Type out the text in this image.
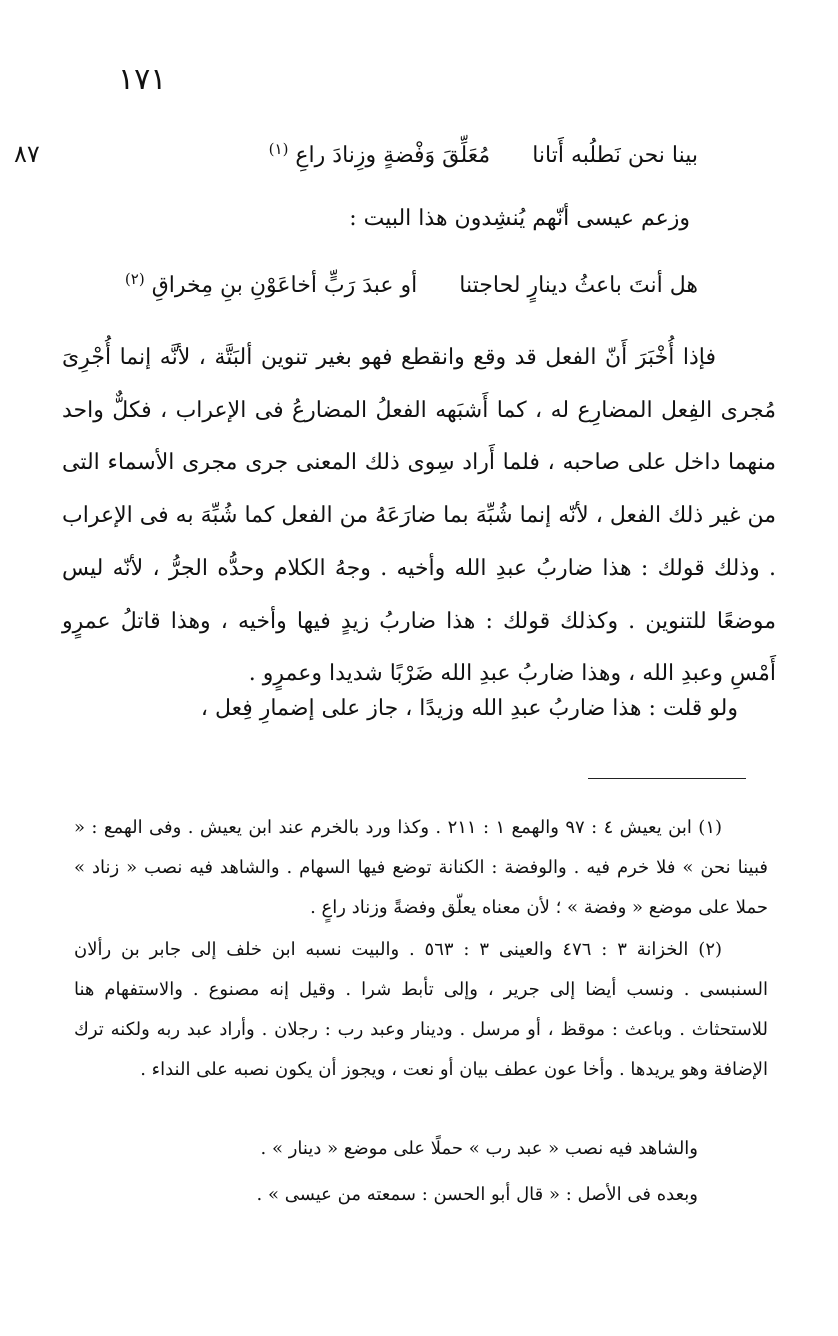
١٧١
٨٧	بينا نحن نَطلُبه أَتانامُعَلِّقَ وَفْضةٍ وزِنادَ راعِ $^{(١)}$
وزعم عيسى أنّهم يُنشِدون هذا البيت :
هل أنتَ باعثُ دينارٍ لحاجتناأو عبدَ رَبٍّ أخاعَوْنِ بنِ مِخراقِ $^{(٢)}$

فإذا أُخْبَرَ أَنّ الفعل قد وقع وانقطع فهو بغير تنوين ألبَتَّة ، لأنَّه إنما أُجْرِىَ مُجرى الفِعل المضارِع له ، كما أَشبَهه الفعلُ المضارعُ فى الإعراب ، فكلٌّ واحد منهما داخل على صاحبه ، فلما أَراد سِوى ذلك المعنى جرى مجرى الأسماء التى من غير ذلك الفعل ، لأنّه إنما شُبِّهَ بما ضارَعَهُ من الفعل كما شُبِّهَ به فى الإعراب . وذلك قولك : هذا ضاربُ عبدِ الله وأخيه . وجهُ الكلام وحدُّه الجرُّ ، لأنّه ليس موضعًا للتنوين . وكذلك قولك : هذا ضاربُ زيدٍ فيها وأخيه ، وهذا قاتلُ عمرٍو أَمْسِ وعبدِ الله ، وهذا ضاربُ عبدِ الله ضَرْبًا شديدا وعمرٍو .

ولو قلت : هذا ضاربُ عبدِ الله وزيدًا ، جاز على إضمارِ فِعل ،

(١) ابن يعيش ٤ : ٩٧ والهمع ١ : ٢١١ . وكذا ورد بالخرم عند ابن يعيش . وفى الهمع : « فبينا نحن » فلا خرم فيه . والوفضة : الكنانة توضع فيها السهام . والشاهد فيه نصب « زناد » حملا على موضع « وفضة » ؛ لأن معناه يعلّق وفضةً وزناد راعٍ .

(٢) الخزانة ٣ : ٤٧٦ والعينى ٣ : ٥٦٣ . والبيت نسبه ابن خلف إلى جابر بن رألان السنبسى . ونسب أيضا إلى جرير ، وإلى تأبط شرا . وقيل إنه مصنوع . والاستفهام هنا للاستحثاث . وباعث : موقظ ، أو مرسل . ودينار وعبد رب : رجلان . وأراد عبد ربه ولكنه ترك الإضافة وهو يريدها . وأخا عون عطف بيان أو نعت ، ويجوز أن يكون نصبه على النداء .

والشاهد فيه نصب « عبد رب » حملًا على موضع « دينار » .
وبعده فى الأصل : « قال أبو الحسن : سمعته من عيسى » .
